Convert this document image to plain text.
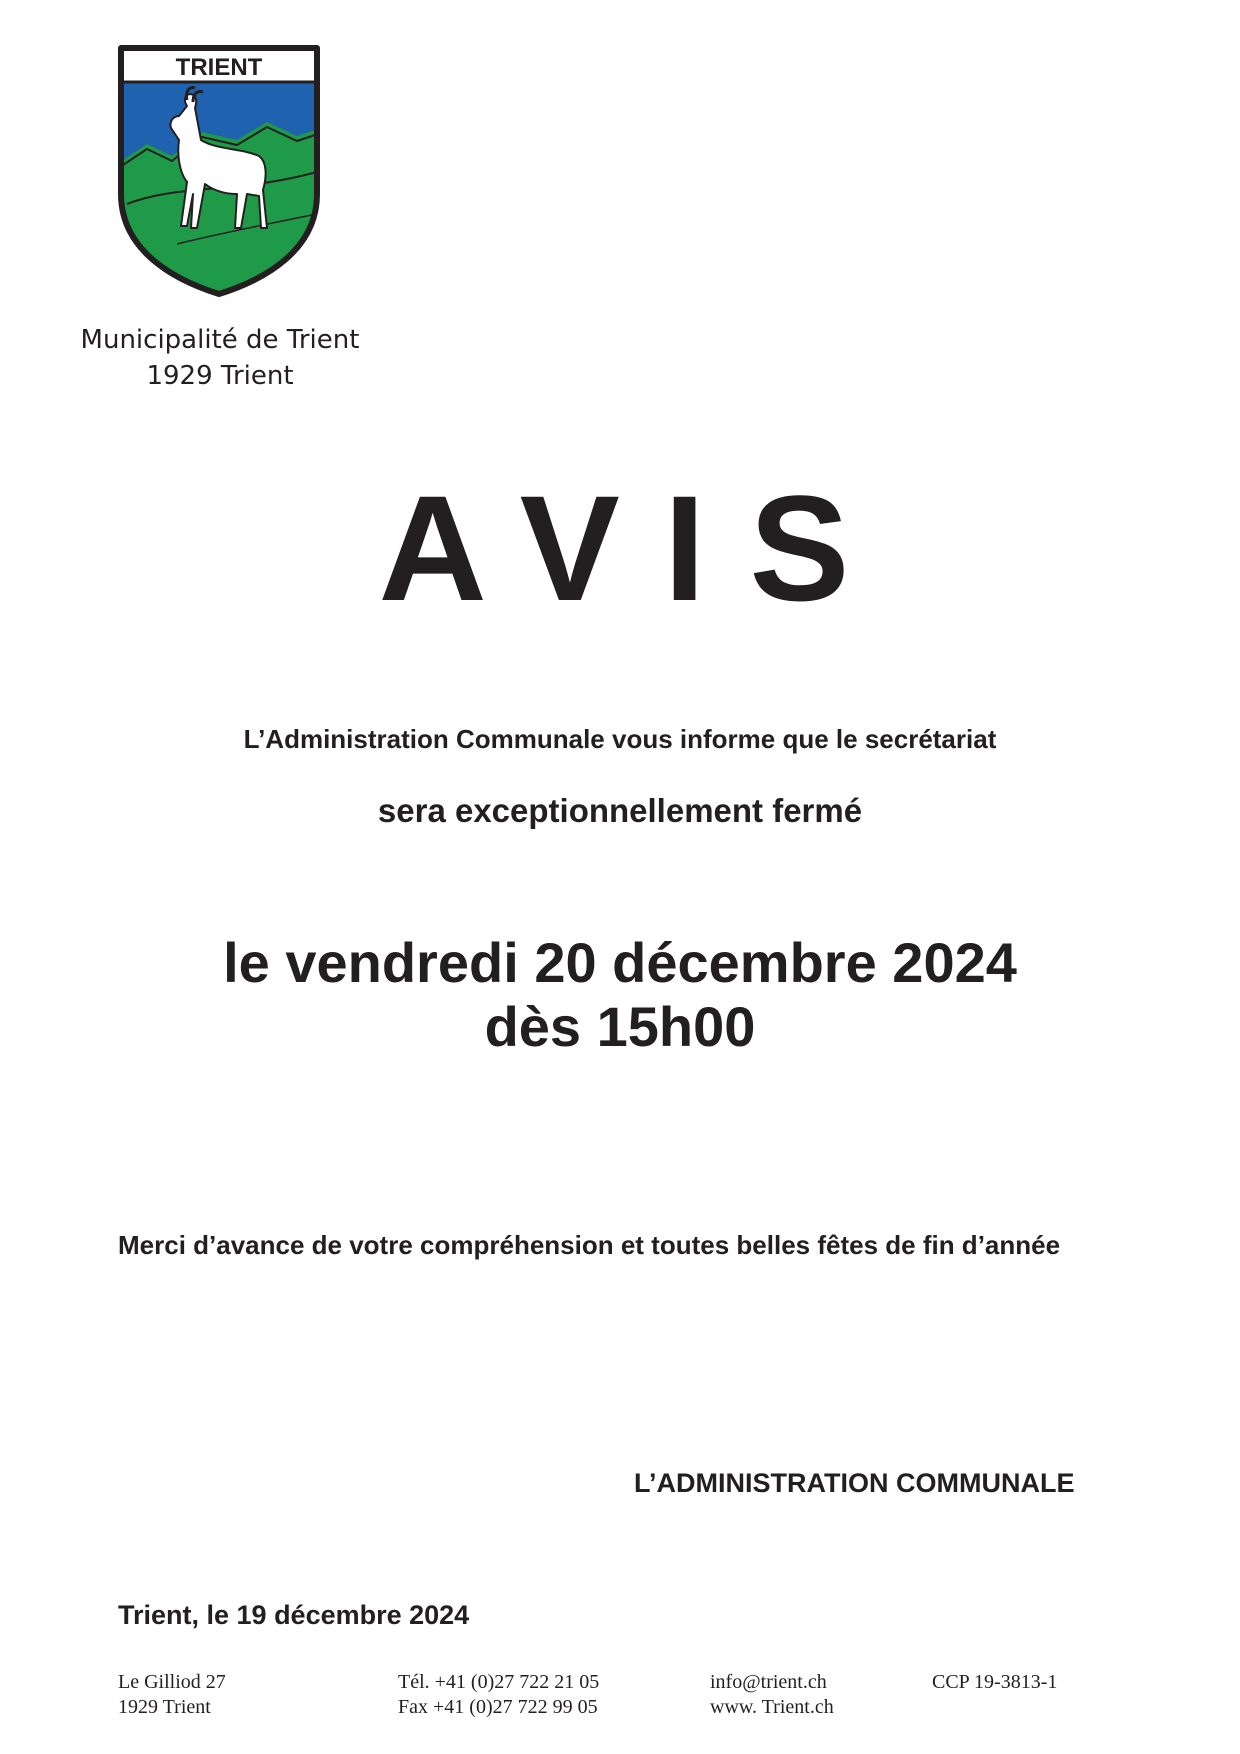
TRIENT
Municipalité de Trient
1929 Trient
AVIS
L’Administration Communale vous informe que le secrétariat
sera exceptionnellement fermé
le vendredi 20 décembre 2024
dès 15h00
Merci d’avance de votre compréhension et toutes belles fêtes de fin d’année
L’ADMINISTRATION COMMUNALE
Trient, le 19 décembre 2024
Le Gilliod 27
1929 Trient
Tél. +41 (0)27 722 21 05
Fax +41 (0)27 722 99 05
info@trient.ch
www. Trient.ch
CCP 19-3813-1
